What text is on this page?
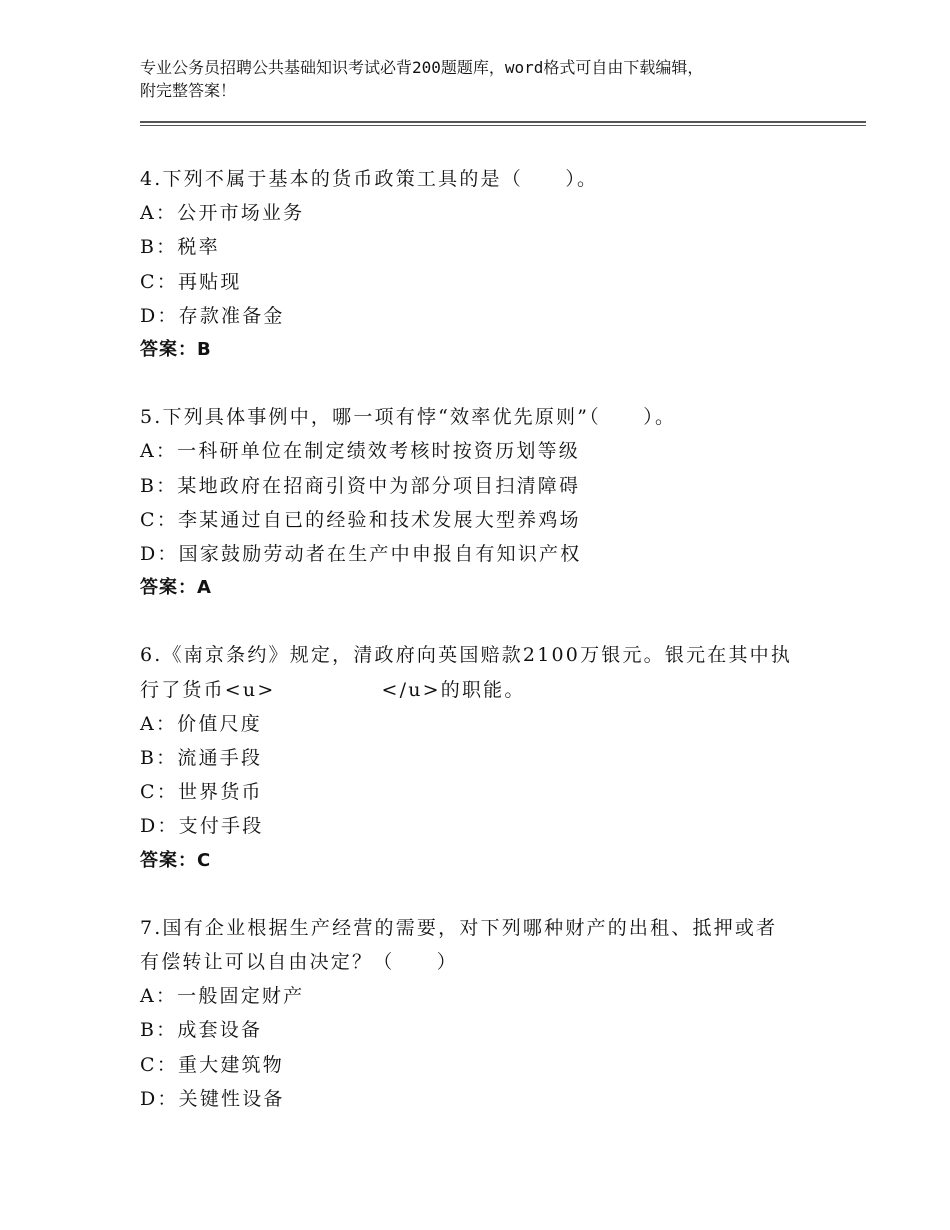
专业公务员招聘公共基础知识考试必背200题题库，word格式可自由下载编辑，
附完整答案！
4.下列不属于基本的货币政策工具的是（　　）。
A：公开市场业务
B：税率
C：再贴现
D：存款准备金
答案：B
5.下列具体事例中，哪一项有悖“效率优先原则”（　　）。
A：一科研单位在制定绩效考核时按资历划等级
B：某地政府在招商引资中为部分项目扫清障碍
C：李某通过自已的经验和技术发展大型养鸡场
D：国家鼓励劳动者在生产中申报自有知识产权
答案：A
6.《南京条约》规定，清政府向英国赔款2100万银元。银元在其中执
行了货币<u>　　　　　</u>的职能。
A：价值尺度
B：流通手段
C：世界货币
D：支付手段
答案：C
7.国有企业根据生产经营的需要，对下列哪种财产的出租、抵押或者
有偿转让可以自由决定？（　　）
A：一般固定财产
B：成套设备
C：重大建筑物
D：关键性设备
